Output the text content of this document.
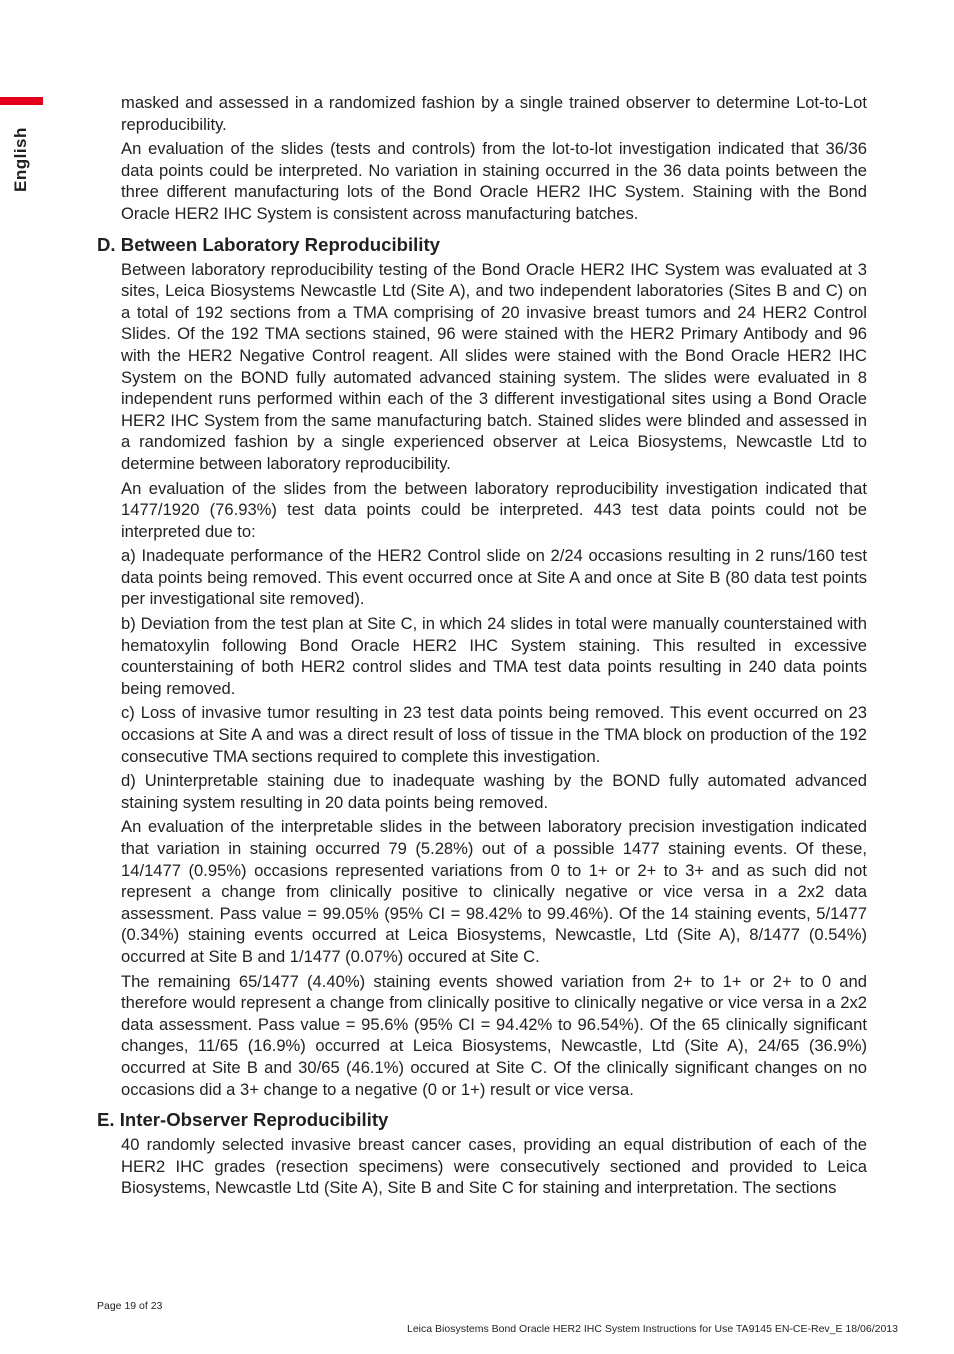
English

masked and assessed in a randomized fashion by a single trained observer to determine Lot-to-Lot reproducibility.

An evaluation of the slides (tests and controls) from the lot-to-lot investigation indicated that 36/36 data points could be interpreted. No variation in staining occurred in the 36 data points between the three different manufacturing lots of the Bond Oracle HER2 IHC System. Staining with the Bond Oracle HER2 IHC System is consistent across manufacturing batches.

D. Between Laboratory Reproducibility

Between laboratory reproducibility testing of the Bond Oracle HER2 IHC System was evaluated at 3 sites, Leica Biosystems Newcastle Ltd (Site A), and two independent laboratories (Sites B and C) on a total of 192 sections from a TMA comprising of 20 invasive breast tumors and 24 HER2 Control Slides. Of the 192 TMA sections stained, 96 were stained with the HER2 Primary Antibody and 96 with the HER2 Negative Control reagent. All slides were stained with the Bond Oracle HER2 IHC System on the BOND fully automated advanced staining system. The slides were evaluated in 8 independent runs performed within each of the 3 different investigational sites using a Bond Oracle HER2 IHC System from the same manufacturing batch. Stained slides were blinded and assessed in a randomized fashion by a single experienced observer at Leica Biosystems, Newcastle Ltd to determine between laboratory reproducibility.

An evaluation of the slides from the between laboratory reproducibility investigation indicated that 1477/1920 (76.93%) test data points could be interpreted. 443 test data points could not be interpreted due to:

a) Inadequate performance of the HER2 Control slide on 2/24 occasions resulting in 2 runs/160 test data points being removed. This event occurred once at Site A and once at Site B (80 data test points per investigational site removed).

b) Deviation from the test plan at Site C, in which 24 slides in total were manually counterstained with hematoxylin following Bond Oracle HER2 IHC System staining. This resulted in excessive counterstaining of both HER2 control slides and TMA test data points resulting in 240 data points being removed.

c) Loss of invasive tumor resulting in 23 test data points being removed. This event occurred on 23 occasions at Site A and was a direct result of loss of tissue in the TMA block on production of the 192 consecutive TMA sections required to complete this investigation.

d) Uninterpretable staining due to inadequate washing by the BOND fully automated advanced staining system resulting in 20 data points being removed.

An evaluation of the interpretable slides in the between laboratory precision investigation indicated that variation in staining occurred 79 (5.28%) out of a possible 1477 staining events. Of these, 14/1477 (0.95%) occasions represented variations from 0 to 1+ or 2+ to 3+ and as such did not represent a change from clinically positive to clinically negative or vice versa in a 2x2 data assessment. Pass value = 99.05% (95% CI = 98.42% to 99.46%). Of the 14 staining events, 5/1477 (0.34%) staining events occurred at Leica Biosystems, Newcastle, Ltd (Site A), 8/1477 (0.54%) occurred at Site B and 1/1477 (0.07%) occured at Site C.

The remaining 65/1477 (4.40%) staining events showed variation from 2+ to 1+ or 2+ to 0 and therefore would represent a change from clinically positive to clinically negative or vice versa in a 2x2 data assessment. Pass value = 95.6% (95% CI = 94.42% to 96.54%). Of the 65 clinically significant changes, 11/65 (16.9%) occurred at Leica Biosystems, Newcastle, Ltd (Site A), 24/65 (36.9%) occurred at Site B and 30/65 (46.1%) occured at Site C. Of the clinically significant changes on no occasions did a 3+ change to a negative (0 or 1+) result or vice versa.

E. Inter-Observer Reproducibility

40 randomly selected invasive breast cancer cases, providing an equal distribution of each of the HER2 IHC grades (resection specimens) were consecutively sectioned and provided to Leica Biosystems, Newcastle Ltd (Site A), Site B and Site C for staining and interpretation. The sections

Page 19 of 23
Leica Biosystems Bond Oracle HER2 IHC System Instructions for Use TA9145 EN-CE-Rev_E 18/06/2013
